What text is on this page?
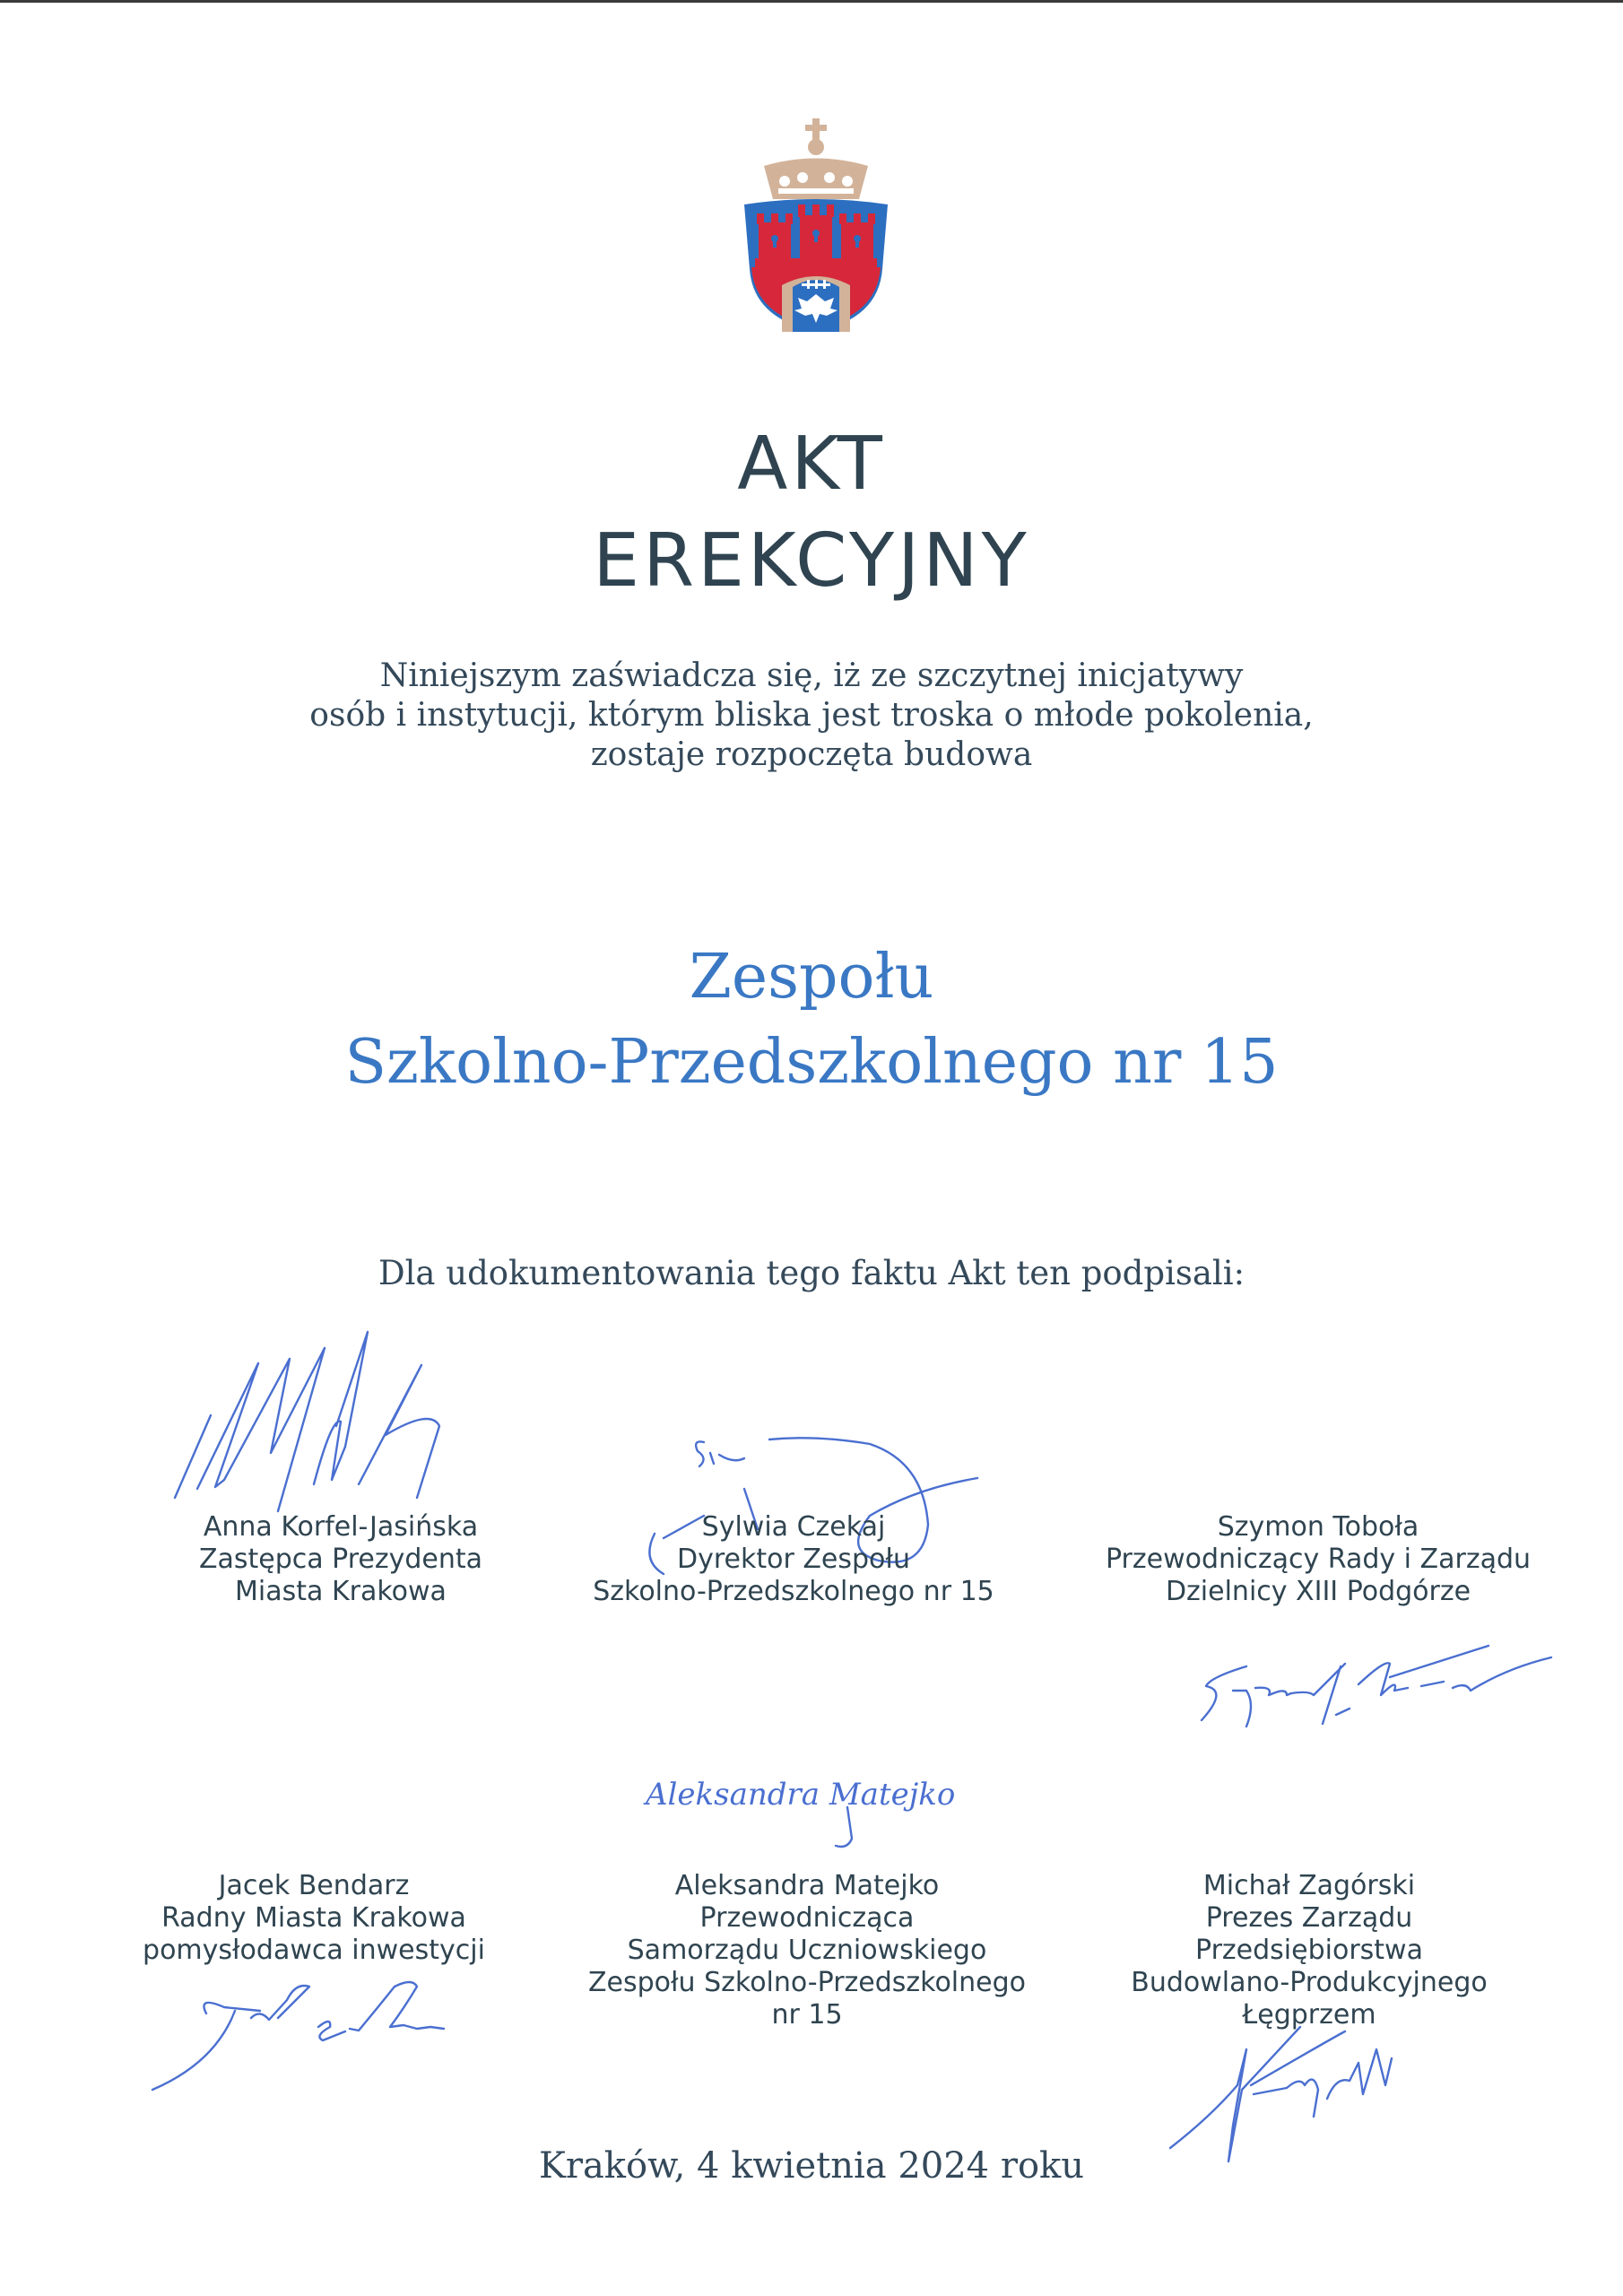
AKT
EREKCYJNY
Niniejszym zaświadcza się, iż ze szczytnej inicjatywy
osób i instytucji, którym bliska jest troska o młode pokolenia,
zostaje rozpoczęta budowa
Zespołu
Szkolno-Przedszkolnego nr 15
Dla udokumentowania tego faktu Akt ten podpisali:
Aleksandra Matejko
Anna Korfel-Jasińska
Zastępca Prezydenta
Miasta Krakowa
Sylwia Czekaj
Dyrektor Zespołu
Szkolno-Przedszkolnego nr 15
Szymon Toboła
Przewodniczący Rady i Zarządu
Dzielnicy XIII Podgórze
Jacek Bendarz
Radny Miasta Krakowa
pomysłodawca inwestycji
Aleksandra Matejko
Przewodnicząca
Samorządu Uczniowskiego
Zespołu Szkolno-Przedszkolnego
nr 15
Michał Zagórski
Prezes Zarządu
Przedsiębiorstwa
Budowlano-Produkcyjnego
Łęgprzem
Kraków, 4 kwietnia 2024 roku
